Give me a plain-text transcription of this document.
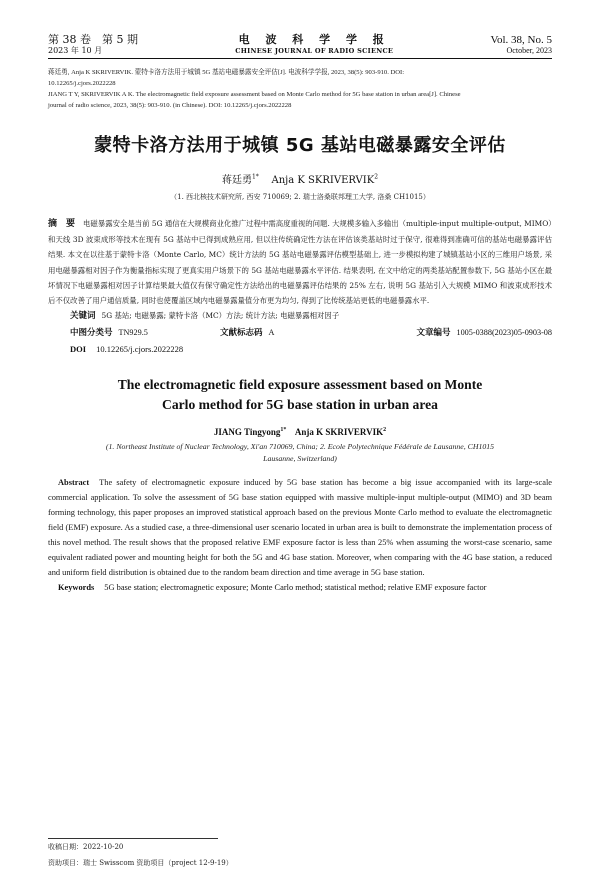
第 38 卷　第 5 期
2023 年 10 月
电 波 科 学 学 报
CHINESE JOURNAL OF RADIO SCIENCE
Vol. 38, No. 5
October, 2023

蒋廷勇, Anja K SKRIVERVIK. 蒙特卡洛方法用于城镇 5G 基站电磁暴露安全评估[J]. 电波科学学报, 2023, 38(5): 903-910. DOI:

10.12265/j.cjors.2022228

JIANG T Y, SKRIVERVIK A K. The electromagnetic field exposure assessment based on Monte Carlo method for 5G base station in urban area[J]. Chinese

journal of radio science, 2023, 38(5): 903-910. (in Chinese). DOI: 10.12265/j.cjors.2022228

蒙特卡洛方法用于城镇 5G 基站电磁暴露安全评估
蒋廷勇$^{1*}$ Anja K SKRIVERVIK$^2$
（1. 西北核技术研究所, 西安 710069; 2. 瑞士洛桑联邦理工大学, 洛桑 CH1015）
摘　要 电磁暴露安全是当前 5G 通信在大规模商业化推广过程中需高度重视的问题. 大规模多输入多输出（multiple-input multiple-output, MIMO）和天线 3D 波束成形等技术在现有 5G 基站中已得到成熟应用, 但以往传统确定性方法在评估该类基站时过于保守, 很难得到准确可信的基站电磁暴露评估结果. 本文在以往基于蒙特卡洛（Monte Carlo, MC）统计方法的 5G 基站电磁暴露评估模型基础上, 进一步模拟构建了城镇基站小区的三维用户场景, 采用电磁暴露相对因子作为衡量指标实现了更真实用户场景下的 5G 基站电磁暴露水平评估. 结果表明, 在文中给定的两类基站配置参数下, 5G 基站小区在最坏情况下电磁暴露相对因子计算结果最大值仅有保守确定性方法给出的电磁暴露评估结果的 25% 左右, 说明 5G 基站引入大规模 MIMO 和波束成形技术后不仅改善了用户通信质量, 同时也使覆盖区域内电磁暴露量值分布更为均匀, 得到了比传统基站更低的电磁暴露水平.
关键词 5G 基站; 电磁暴露; 蒙特卡洛（MC）方法; 统计方法; 电磁暴露相对因子
中图分类号 TN929.5	文献标志码 A	文章编号 1005-0388(2023)05-0903-08
DOI 10.12265/j.cjors.2022228
The electromagnetic field exposure assessment based on Monte
Carlo method for 5G base station in urban area
JIANG Tingyong$^{1*}$ Anja K SKRIVERVIK$^2$
(1. Northeast Institute of Nuclear Technology, Xi'an 710069, China; 2. Ecole Polytechnique Fédérale de Lausanne, CH1015
Lausanne, Switzerland)
Abstract The safety of electromagnetic exposure induced by 5G base station has become a big issue accompanied with its large-scale commercial application. To solve the assessment of 5G base station equipped with massive multiple-input multiple-output (MIMO) and 3D beam forming technology, this paper proposes an improved statistical approach based on the previous Monte Carlo method to evaluate the electromagnetic field (EMF) exposure. As a studied case, a three-dimensional user scenario located in urban area is built to demonstrate the implementation process of this novel method. The result shows that the proposed relative EMF exposure factor is less than 25% when assuming the worst-case scenario, same equivalent radiated power and mounting height for both the 5G and 4G base station. Moreover, when comparing with the 4G base station, a reduced and uniform field distribution is obtained due to the random beam direction and time average in 5G base station.
Keywords 5G base station; electromagnetic exposure; Monte Carlo method; statistical method; relative EMF exposure factor

收稿日期：2022-10-20

资助项目：瑞士 Swisscom 资助项目（project 12-9-19）
